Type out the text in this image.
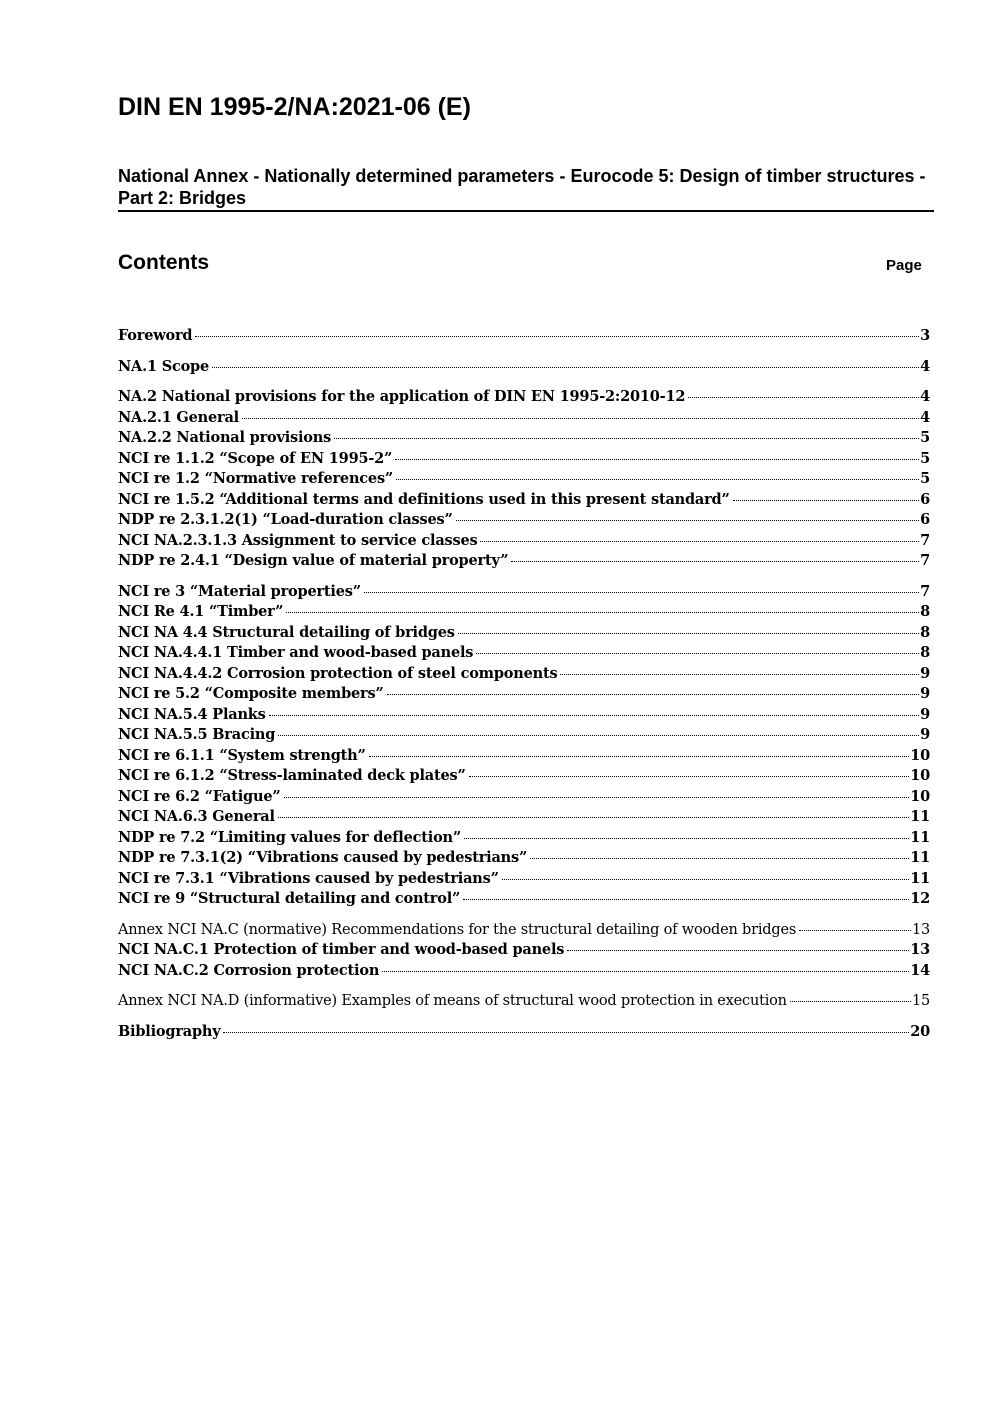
DIN EN 1995-2/NA:2021-06 (E)
National Annex - Nationally determined parameters - Eurocode 5: Design of timber structures - Part 2: Bridges
Contents	Page
Foreword	3
NA.1 Scope	4
NA.2 National provisions for the application of DIN EN 1995-2:2010-12	4
NA.2.1 General	4
NA.2.2 National provisions	5
NCI re 1.1.2 “Scope of EN 1995-2”	5
NCI re 1.2 “Normative references”	5
NCI re 1.5.2 “Additional terms and definitions used in this present standard”	6
NDP re 2.3.1.2(1) “Load-duration classes”	6
NCI NA.2.3.1.3 Assignment to service classes	7
NDP re 2.4.1 “Design value of material property”	7
NCI re 3 “Material properties”	7
NCI Re 4.1 “Timber”	8
NCI NA 4.4 Structural detailing of bridges	8
NCI NA.4.4.1 Timber and wood-based panels	8
NCI NA.4.4.2 Corrosion protection of steel components	9
NCI re 5.2 “Composite members”	9
NCI NA.5.4 Planks	9
NCI NA.5.5 Bracing	9
NCI re 6.1.1 “System strength”	10
NCI re 6.1.2 “Stress-laminated deck plates”	10
NCI re 6.2 “Fatigue”	10
NCI NA.6.3 General	11
NDP re 7.2 “Limiting values for deflection”	11
NDP re 7.3.1(2) “Vibrations caused by pedestrians”	11
NCI re 7.3.1 “Vibrations caused by pedestrians”	11
NCI re 9 “Structural detailing and control”	12
Annex NCI NA.C (normative) Recommendations for the structural detailing of wooden bridges	13
NCI NA.C.1 Protection of timber and wood-based panels	13
NCI NA.C.2 Corrosion protection	14
Annex NCI NA.D (informative) Examples of means of structural wood protection in execution	15
Bibliography	20
